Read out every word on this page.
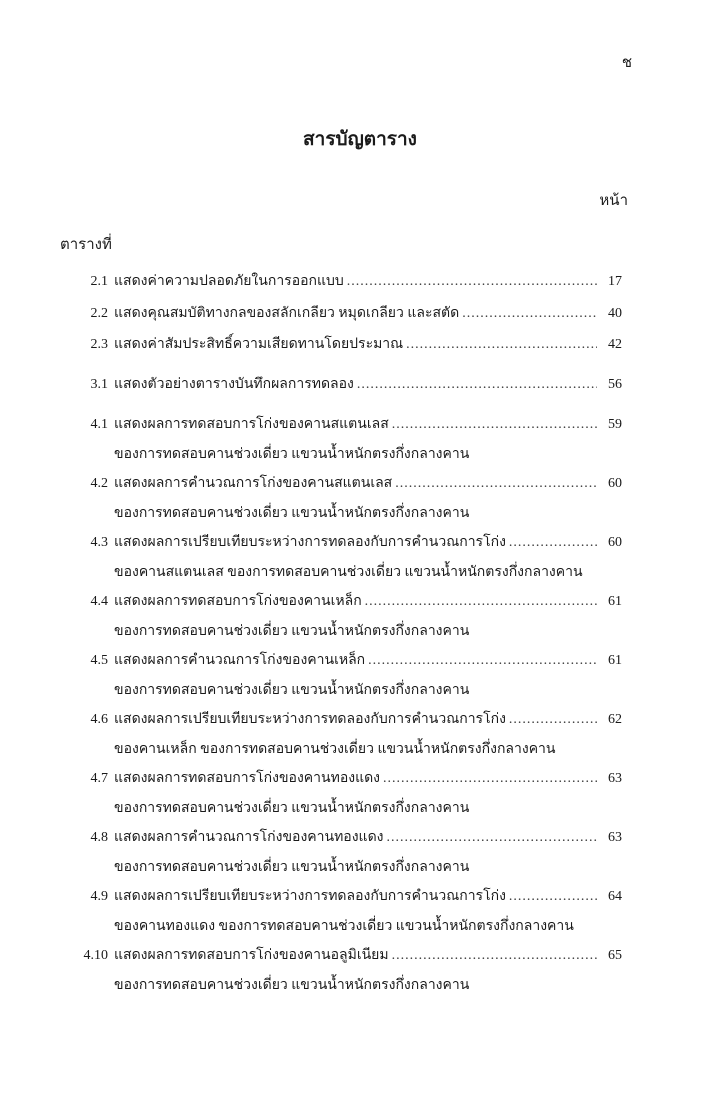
ช
สารบัญตาราง
หน้า
ตารางที่
2.1 แสดงค่าความปลอดภัยในการออกแบบ .....	17
2.2 แสดงคุณสมบัติทางกลของสลักเกลียว หมุดเกลียว และสตัด .....	40
2.3 แสดงค่าสัมประสิทธิ์ความเสียดทานโดยประมาณ .....	42
3.1 แสดงตัวอย่างตารางบันทึกผลการทดลอง .....	56
4.1 แสดงผลการทดสอบการโก่งของคานสแตนเลส .....	59
ของการทดสอบคานช่วงเดี่ยว แขวนน้ำหนักตรงกึ่งกลางคาน
4.2 แสดงผลการคำนวณการโก่งของคานสแตนเลส .....	60
ของการทดสอบคานช่วงเดี่ยว แขวนน้ำหนักตรงกึ่งกลางคาน
4.3 แสดงผลการเปรียบเทียบระหว่างการทดลองกับการคำนวณการโก่ง .....	60
ของคานสแตนเลส ของการทดสอบคานช่วงเดี่ยว แขวนน้ำหนักตรงกึ่งกลางคาน
4.4 แสดงผลการทดสอบการโก่งของคานเหล็ก .....	61
ของการทดสอบคานช่วงเดี่ยว แขวนน้ำหนักตรงกึ่งกลางคาน
4.5 แสดงผลการคำนวณการโก่งของคานเหล็ก .....	61
ของการทดสอบคานช่วงเดี่ยว แขวนน้ำหนักตรงกึ่งกลางคาน
4.6 แสดงผลการเปรียบเทียบระหว่างการทดลองกับการคำนวณการโก่ง .....	62
ของคานเหล็ก ของการทดสอบคานช่วงเดี่ยว แขวนน้ำหนักตรงกึ่งกลางคาน
4.7 แสดงผลการทดสอบการโก่งของคานทองแดง .....	63
ของการทดสอบคานช่วงเดี่ยว แขวนน้ำหนักตรงกึ่งกลางคาน
4.8 แสดงผลการคำนวณการโก่งของคานทองแดง .....	63
ของการทดสอบคานช่วงเดี่ยว แขวนน้ำหนักตรงกึ่งกลางคาน
4.9 แสดงผลการเปรียบเทียบระหว่างการทดลองกับการคำนวณการโก่ง .....	64
ของคานทองแดง ของการทดสอบคานช่วงเดี่ยว แขวนน้ำหนักตรงกึ่งกลางคาน
4.10 แสดงผลการทดสอบการโก่งของคานอลูมิเนียม .....	65
ของการทดสอบคานช่วงเดี่ยว แขวนน้ำหนักตรงกึ่งกลางคาน
